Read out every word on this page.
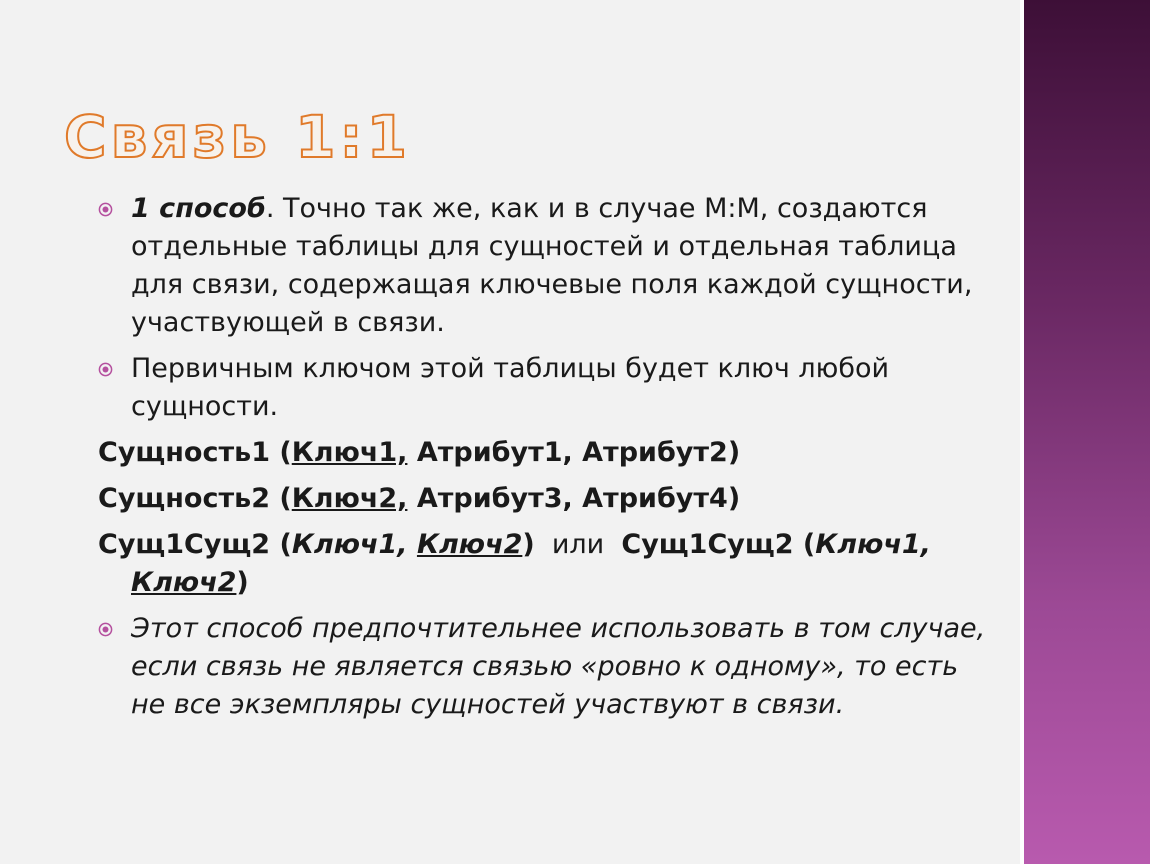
Связь 1:1
1 способ. Точно так же, как и в случае М:М, создаются отдельные таблицы для сущностей и отдельная таблица для связи, содержащая ключевые поля каждой сущности, участвующей в связи.
Первичным ключом этой таблицы будет ключ любой сущности.
Сущность1 (Ключ1, Атрибут1, Атрибут2)
Сущность2 (Ключ2, Атрибут3, Атрибут4)
Сущ1Сущ2 (Ключ1, Ключ2)  или  Сущ1Сущ2 (Ключ1, Ключ2)
Этот способ предпочтительнее использовать в том случае, если связь не является связью «ровно к одному», то есть не все экземпляры сущностей участвуют в связи.
